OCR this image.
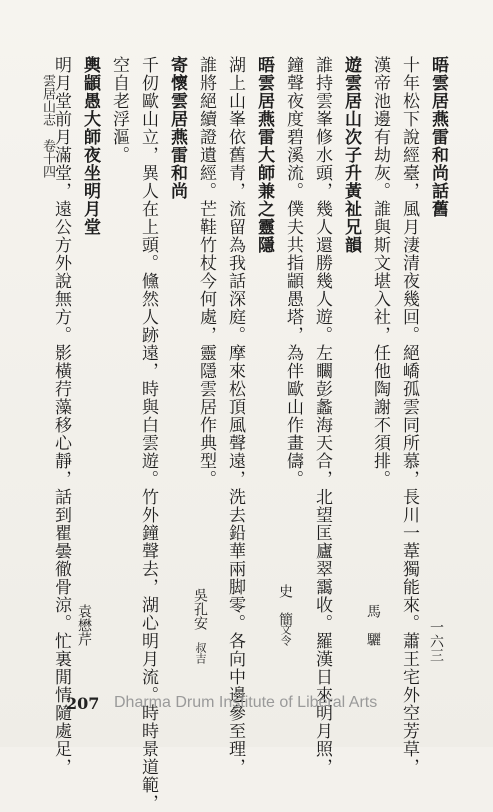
雲居山志　卷十四
一六三
晤雲居燕雷和尚話舊
十年松下說經臺，風月淒清夜幾回。絕嶠孤雲同所慕，長川一葦獨能來。蕭王宅外空芳草，
漢帝池邊有劫灰。誰與斯文堪入社，任他陶謝不須排。
遊雲居山次子升黃祉兄韻
誰持雲峯修水頭，幾人還勝幾人遊。左矙彭蠡海天合，北望匡廬翠靄收。羅漢日來明月照，
鐘聲夜度碧溪流。僕夫共指顓愚塔，為伴歐山作畫儔。
晤雲居燕雷大師兼之靈隱
湖上山峯依舊青，流留為我話深庭。摩來松頂風聲遠，洗去鉛華兩脚零。各向中邊參至理，
誰將絕續證遺經。芒鞋竹杖今何處，靈隱雲居作典型。
寄懷雲居燕雷和尚
千仞歐山立，異人在上頭。儵然人跡遠，時與白雲遊。竹外鐘聲去，湖心明月流。時時景道範，
空自老浮漚。
輿顓愚大師夜坐明月堂
明月堂前月滿堂，遠公方外說無方。影橫荇藻移心靜，話到瞿曇徹骨涼。忙裏閒情隨處足，	馬　驪
史　簡
文令
吳孔安
叔吉
袁懋芹
207 Dharma Drum Institute of Liberal Arts
